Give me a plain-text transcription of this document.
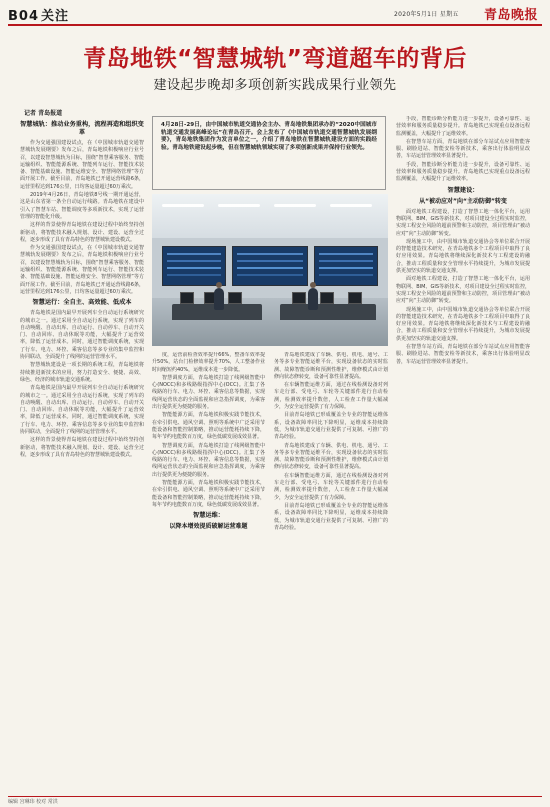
B04 关注	2020年5月1日 星期五 青岛晚报
青岛地铁“智慧城轨”弯道超车的背后
建设起步晚却多项创新实践成果行业领先
记者 青岛报道

智慧城轨：推动业务重构，流程再造和组织变革

作为交通强国建设试点，在《中国城市轨道交通智慧城轨发展纲要》发布之后，青岛地铁积极响应行业号召，以建设智慧城轨为目标，围绕“智慧乘客服务、智能运输组织、智能能源系统、智能列车运行、智能技术装备、智能基础设施、智能运维安全、智慧网络管理”等方面开展工作。截至目前，青岛地铁已开通运营线路6条，运营里程达到176公里，日均客运量超过60万乘次。

2019年4月26日，青岛地铁8号线一期开通运营，这是山东省第一条全自动运行线路。青岛地铁在建设中引入了智慧车站、智能调度等多项新技术，实现了运营管理的智能化升级。

这样的背景使得青岛地铁在建设过程中始终坚持创新驱动，将智能技术融入规划、设计、建设、运营全过程，逐步形成了具有青岛特色的智慧城轨建设模式。

作为交通强国建设试点，在《中国城市轨道交通智慧城轨发展纲要》发布之后，青岛地铁积极响应行业号召，以建设智慧城轨为目标，围绕“智慧乘客服务、智能运输组织、智能能源系统、智能列车运行、智能技术装备、智能基础设施、智能运维安全、智慧网络管理”等方面开展工作。截至目前，青岛地铁已开通运营线路6条，运营里程达到176公里，日均客运量超过60万乘次。

智慧运行：全自主、高效能、低成本

青岛地铁是国内最早开展列车全自动运行系统研究的城市之一。通过采用全自动运行系统，实现了列车的自动唤醒、自动出库、自动运行、自动停车、自动开关门、自动回库、自动休眠等功能，大幅提升了运营效率，降低了运营成本。同时，通过智能调度系统，实现了行车、电力、环控、乘客信息等多专业的集中监控和协同联动，全面提升了线网的运营管理水平。

智慧城轨建设是一项长期的系统工程，青岛地铁将持续推进新技术的应用，努力打造安全、便捷、高效、绿色、经济的城市轨道交通系统。

青岛地铁是国内最早开展列车全自动运行系统研究的城市之一。通过采用全自动运行系统，实现了列车的自动唤醒、自动出库、自动运行、自动停车、自动开关门、自动回库、自动休眠等功能，大幅提升了运营效率，降低了运营成本。同时，通过智能调度系统，实现了行车、电力、环控、乘客信息等多专业的集中监控和协同联动，全面提升了线网的运营管理水平。

这样的背景使得青岛地铁在建设过程中始终坚持创新驱动，将智能技术融入规划、设计、建设、运营全过程，逐步形成了具有青岛特色的智慧城轨建设模式。

4月28日-29日，由中国城市轨道交通协会主办、青岛地铁集团承办的“2020中国城市轨道交通发展高峰论坛”在青岛召开。会上发布了《中国城市轨道交通智慧城轨发展纲要》，青岛地铁集团作为发言单位之一，介绍了青岛地铁在智慧城轨建设方面的实践经验。青岛地铁建设起步晚，但在智慧城轨领域实现了多项创新成果并保持行业领先。

度，运营前检查效率提升66%，整备车效率提升50%，站台门检修效率提升70%，人工整备作业时间缩短约40%，运维成本进一步降低。

智慧调度方面，青岛地铁打造了线网级智能中心(NOCC)和多线路级指挥中心(OCC)。汇集了各线路的行车、电力、环控、乘客信息等数据，实现线网运营状态的全面监视和应急指挥调度，为乘客出行提供更为便捷的服务。

智能能源方面，青岛地铁积极实践节能技术，在牵引供电、通风空调、照明等系统中广泛采用节能设备和智能控制策略，推动运营能耗持续下降，每年节约电能数百万度，绿色低碳发展成效显著。

智慧调度方面，青岛地铁打造了线网级智能中心(NOCC)和多线路级指挥中心(OCC)。汇集了各线路的行车、电力、环控、乘客信息等数据，实现线网运营状态的全面监视和应急指挥调度，为乘客出行提供更为便捷的服务。

智能能源方面，青岛地铁积极实践节能技术，在牵引供电、通风空调、照明等系统中广泛采用节能设备和智能控制策略，推动运营能耗持续下降，每年节约电能数百万度，绿色低碳发展成效显著。

智慧运维：

以降本增效提质破解运营难题

青岛地铁建成了车辆、供电、机电、通号、工务等多专业智能运维平台，实现设备状态的实时监测、故障智能诊断和预测性维护，维修模式由计划修向状态修转变，设备可靠性显著提高。

在车辆智能运维方面，通过在线检测设备对列车走行部、受电弓、车轮等关键部件进行自动检测，检测效率提升数倍，人工检查工作量大幅减少，为安全运营提供了有力保障。

目前青岛地铁已形成覆盖全专业的智能运维体系，设备故障率同比下降明显，运维成本持续降低，为城市轨道交通行业提供了可复制、可推广的青岛经验。

青岛地铁建成了车辆、供电、机电、通号、工务等多专业智能运维平台，实现设备状态的实时监测、故障智能诊断和预测性维护，维修模式由计划修向状态修转变，设备可靠性显著提高。

在车辆智能运维方面，通过在线检测设备对列车走行部、受电弓、车轮等关键部件进行自动检测，检测效率提升数倍，人工检查工作量大幅减少，为安全运营提供了有力保障。

目前青岛地铁已形成覆盖全专业的智能运维体系，设备故障率同比下降明显，运维成本持续降低，为城市轨道交通行业提供了可复制、可推广的青岛经验。

手段，智能诊断分析能力进一步提升，设备可靠性、运营效率和服务质量稳步提升。青岛地铁已实现重点设备远程监测覆盖，大幅提升了运维效率。

在智慧车站方面，青岛地铁在部分车站试点应用智能客服、刷脸进站、智能安检等新技术，乘客出行体验明显改善，车站运营管理效率显著提升。

手段，智能诊断分析能力进一步提升，设备可靠性、运营效率和服务质量稳步提升。青岛地铁已实现重点设备远程监测覆盖，大幅提升了运维效率。

智慧建设：

从“被动应对”向“主动防御”转变

面对地铁工程建设，打造了智慧工地一体化平台，运用物联网、BIM、GIS等新技术，对项目建设全过程实时监控，实现工程安全风险的超前预警和主动防控，项目管理由“被动应对”向“主动防御”转变。

现场施工中，由中国城市轨道交通协会等单位联合开展的智能建造技术研究，在青岛地铁多个工程项目中取得了良好应用效果。青岛地铁将继续深化新技术与工程建设的融合，推动工程质量和安全管理水平持续提升，为城市发展提供更加坚实的轨道交通支撑。

面对地铁工程建设，打造了智慧工地一体化平台，运用物联网、BIM、GIS等新技术，对项目建设全过程实时监控，实现工程安全风险的超前预警和主动防控，项目管理由“被动应对”向“主动防御”转变。

现场施工中，由中国城市轨道交通协会等单位联合开展的智能建造技术研究，在青岛地铁多个工程项目中取得了良好应用效果。青岛地铁将继续深化新技术与工程建设的融合，推动工程质量和安全管理水平持续提升，为城市发展提供更加坚实的轨道交通支撑。

在智慧车站方面，青岛地铁在部分车站试点应用智能客服、刷脸进站、智能安检等新技术，乘客出行体验明显改善，车站运营管理效率显著提升。

编辑 宫琳玮 校对 常洪
